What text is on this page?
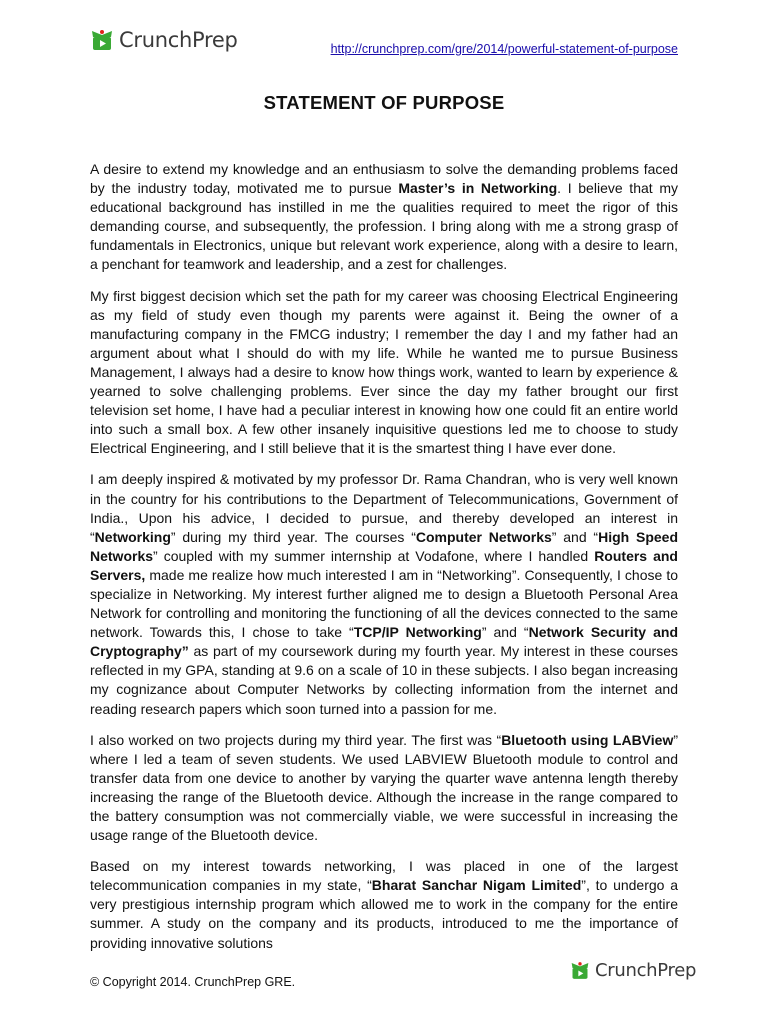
CrunchPrep	http://crunchprep.com/gre/2014/powerful-statement-of-purpose
STATEMENT OF PURPOSE

A desire to extend my knowledge and an enthusiasm to solve the demanding problems faced by the industry today, motivated me to pursue Master’s in Networking. I believe that my educational background has instilled in me the qualities required to meet the rigor of this demanding course, and subsequently, the profession. I bring along with me a strong grasp of fundamentals in Electronics, unique but relevant work experience, along with a desire to learn, a penchant for teamwork and leadership, and a zest for challenges.

My first biggest decision which set the path for my career was choosing Electrical Engineering as my field of study even though my parents were against it. Being the owner of a manufacturing company in the FMCG industry; I remember the day I and my father had an argument about what I should do with my life. While he wanted me to pursue Business Management, I always had a desire to know how things work, wanted to learn by experience & yearned to solve challenging problems. Ever since the day my father brought our first television set home, I have had a peculiar interest in knowing how one could fit an entire world into such a small box. A few other insanely inquisitive questions led me to choose to study Electrical Engineering, and I still believe that it is the smartest thing I have ever done.

I am deeply inspired & motivated by my professor Dr. Rama Chandran, who is very well known in the country for his contributions to the Department of Telecommunications, Government of India., Upon his advice, I decided to pursue, and thereby developed an interest in “Networking” during my third year. The courses “Computer Networks” and “High Speed Networks” coupled with my summer internship at Vodafone, where I handled Routers and Servers, made me realize how much interested I am in “Networking”. Consequently, I chose to specialize in Networking. My interest further aligned me to design a Bluetooth Personal Area Network for controlling and monitoring the functioning of all the devices connected to the same network. Towards this, I chose to take “TCP/IP Networking” and “Network Security and Cryptography” as part of my coursework during my fourth year. My interest in these courses reflected in my GPA, standing at 9.6 on a scale of 10 in these subjects. I also began increasing my cognizance about Computer Networks by collecting information from the internet and reading research papers which soon turned into a passion for me.

I also worked on two projects during my third year. The first was “Bluetooth using LABView” where I led a team of seven students. We used LABVIEW Bluetooth module to control and transfer data from one device to another by varying the quarter wave antenna length thereby increasing the range of the Bluetooth device. Although the increase in the range compared to the battery consumption was not commercially viable, we were successful in increasing the usage range of the Bluetooth device.

Based on my interest towards networking, I was placed in one of the largest telecommunication companies in my state, “Bharat Sanchar Nigam Limited”, to undergo a very prestigious internship program which allowed me to work in the company for the entire summer. A study on the company and its products, introduced to me the importance of providing innovative solutions

© Copyright 2014. CrunchPrep GRE.
CrunchPrep
